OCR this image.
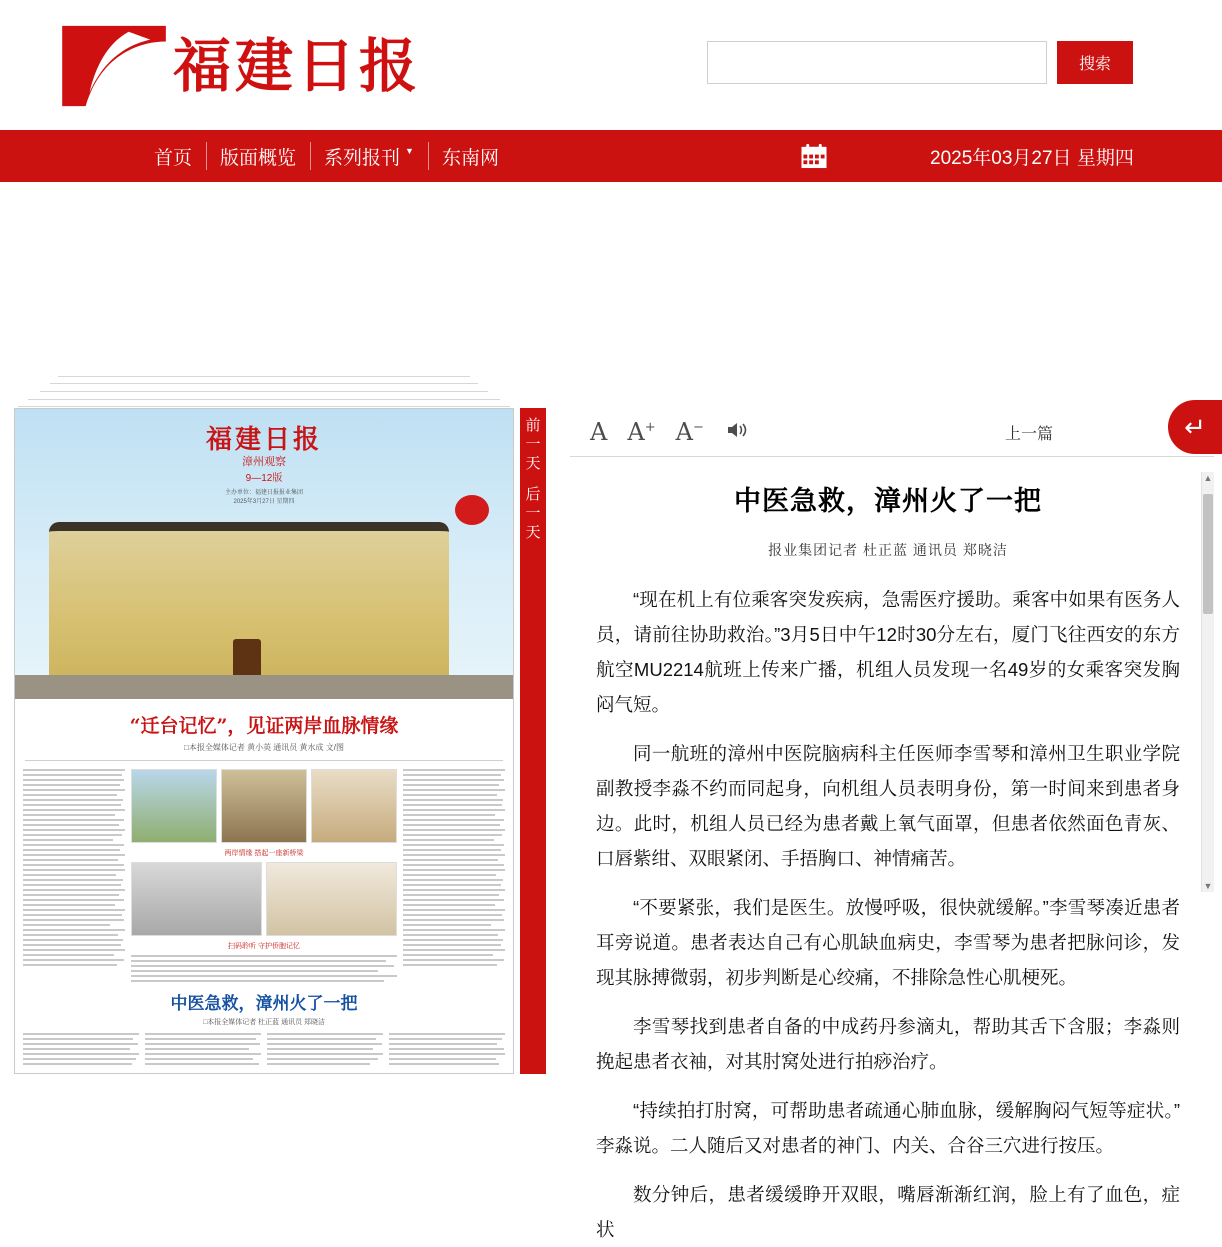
福建日报	搜索
首页 版面概览 系列报刊 ▼ 东南网	2025年03月27日 星期四
福建日报
漳州观察
9—12版
主办单位：福建日报报业集团
2025年3月27日 星期四
“迁台记忆”，见证两岸血脉情缘
□本报全媒体记者 黄小英 通讯员 黄水成 文/图
两岸情缘 搭起一座新桥梁
扫码聆听 守护侨胞记忆
中医急救，漳州火了一把
□本报全媒体记者 杜正蓝 通讯员 郑晓洁
前
一
天
后
一
天
A A+ A−	上一篇
中医急救，漳州火了一把
报业集团记者 杜正蓝 通讯员 郑晓洁

“现在机上有位乘客突发疾病，急需医疗援助。乘客中如果有医务人员，请前往协助救治。”3月5日中午12时30分左右，厦门飞往西安的东方航空MU2214航班上传来广播，机组人员发现一名49岁的女乘客突发胸闷气短。

同一航班的漳州中医院脑病科主任医师李雪琴和漳州卫生职业学院副教授李淼不约而同起身，向机组人员表明身份，第一时间来到患者身边。此时，机组人员已经为患者戴上氧气面罩，但患者依然面色青灰、口唇紫绀、双眼紧闭、手捂胸口、神情痛苦。

“不要紧张，我们是医生。放慢呼吸，很快就缓解。”李雪琴凑近患者耳旁说道。患者表达自己有心肌缺血病史，李雪琴为患者把脉问诊，发现其脉搏微弱，初步判断是心绞痛，不排除急性心肌梗死。

李雪琴找到患者自备的中成药丹参滴丸，帮助其舌下含服；李淼则挽起患者衣袖，对其肘窝处进行拍痧治疗。

“持续拍打肘窝，可帮助患者疏通心肺血脉，缓解胸闷气短等症状。”李淼说。二人随后又对患者的神门、内关、合谷三穴进行按压。

数分钟后，患者缓缓睁开双眼，嘴唇渐渐红润，脸上有了血色，症状

▲
▼
↵
